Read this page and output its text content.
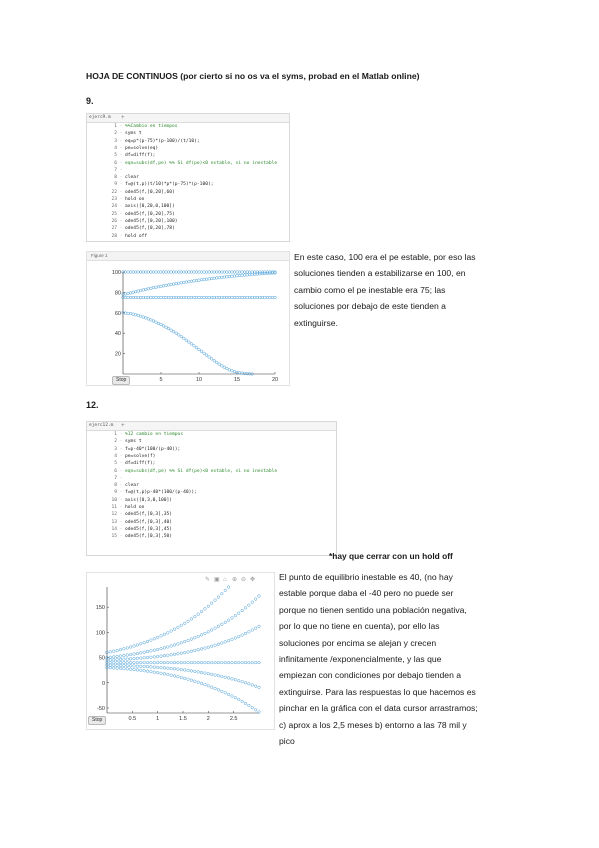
HOJA DE CONTINUOS (por cierto si no os va el syms, probad en el Matlab online)
9.
ejerc9.m +
1 - %%Cambio en tiempos
2 - syms t
3 - eq=p*(p-75)*(p-100)/(t/10);
4 - pe=solve(eq)
5 - df=diff(f);
6 - eqn=subs(df,pe) %% Si df(pe)<0 estable, si no inestable
7 -
8 - clear
9 - f=@(t,p)(t/10)*p*(p-75)*(p-100);
22 - ode45(f,[0,20],60)
23 - hold on
24 - axis([0,20,0,100])
25 - ode45(f,[0,20],75)
26 - ode45(f,[0,20],100)
27 - ode45(f,[0,20],78)
28 - hold off
Figure 1
5	10	15	20
100
80
60
40
20
Stop
En este caso, 100 era el pe estable, por eso las
soluciones tienden a estabilizarse en 100, en
cambio como el pe inestable era 75; las
soluciones por debajo de este tienden a
extinguirse.
12.
ejerc12.m +
1 - %12 cambio en tiempos
2 - syms t
3 - f=p-40*(100/(p-40));
4 - pe=solve(f)
5 - df=diff(f);
6 - eqn=subs(df,pe) %% Si df(pe)<0 estable, si no inestable
7 -
8 - clear
9 - f=@(t,p)p-40*(100/(p-40));
10 - axis([0,3,0,100])
11 - hold on
12 - ode45(f,[0,3],35)
13 - ode45(f,[0,3],40)
14 - ode45(f,[0,3],45)
15 - ode45(f,[0,3],50)
*hay que cerrar con un hold off
✎ ▣ ⌂ ⊕ ⊖ ✥
0.5	1	1.5	2	2.5
150
100
50
0
-50
Stop
El punto de equilibrio inestable es 40, (no hay
estable porque daba el -40 pero no puede ser
porque no tienen sentido una población negativa,
por lo que no tiene en cuenta), por ello las
soluciones por encima se alejan y crecen
infinitamente /exponencialmente, y las que
empiezan con condiciones por debajo tienden a
extinguirse. Para las respuestas lo que hacemos es
pinchar en la gráfica con el data cursor arrastramos;
c) aprox a los 2,5 meses b) entorno a las 78 mil y
pico
